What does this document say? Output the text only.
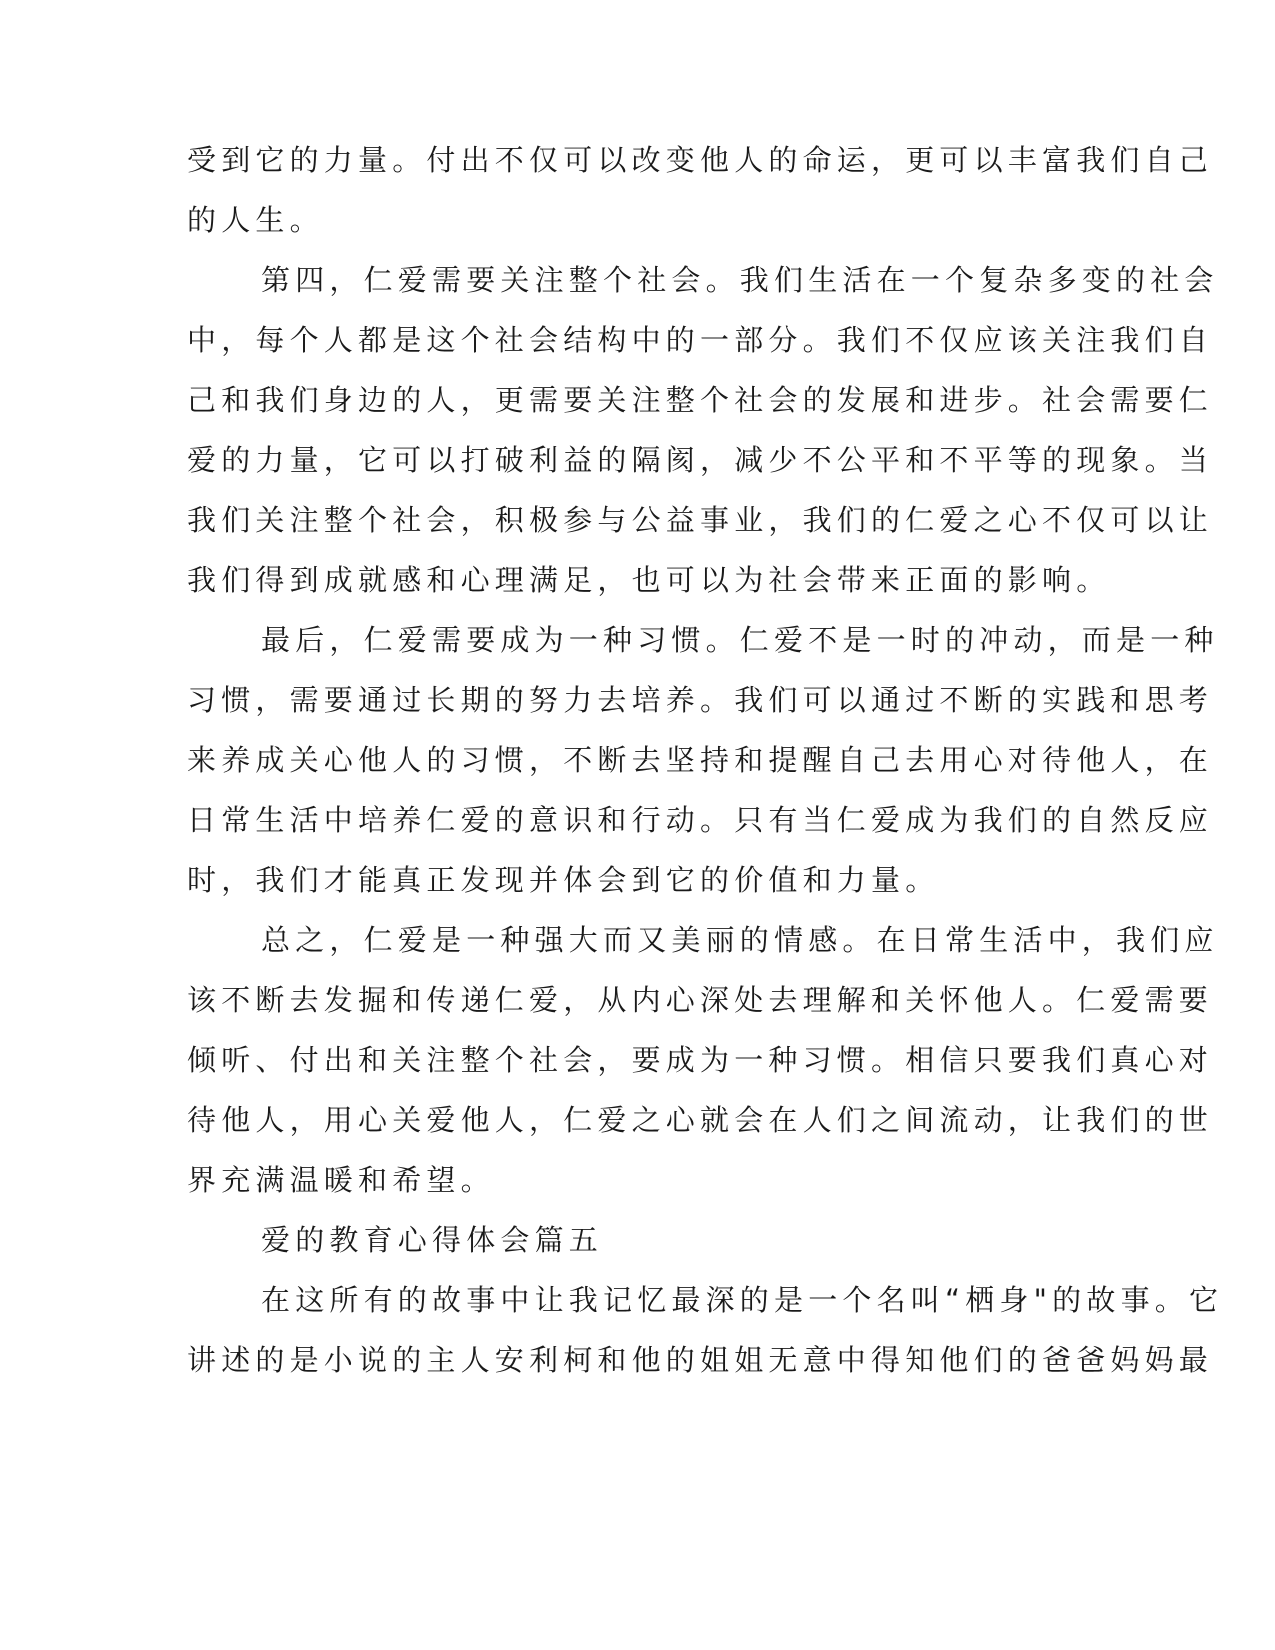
受到它的力量。付出不仅可以改变他人的命运，更可以丰富我们自己
的人生。
第四，仁爱需要关注整个社会。我们生活在一个复杂多变的社会
中，每个人都是这个社会结构中的一部分。我们不仅应该关注我们自
己和我们身边的人，更需要关注整个社会的发展和进步。社会需要仁
爱的力量，它可以打破利益的隔阂，减少不公平和不平等的现象。当
我们关注整个社会，积极参与公益事业，我们的仁爱之心不仅可以让
我们得到成就感和心理满足，也可以为社会带来正面的影响。
最后，仁爱需要成为一种习惯。仁爱不是一时的冲动，而是一种
习惯，需要通过长期的努力去培养。我们可以通过不断的实践和思考
来养成关心他人的习惯，不断去坚持和提醒自己去用心对待他人，在
日常生活中培养仁爱的意识和行动。只有当仁爱成为我们的自然反应
时，我们才能真正发现并体会到它的价值和力量。
总之，仁爱是一种强大而又美丽的情感。在日常生活中，我们应
该不断去发掘和传递仁爱，从内心深处去理解和关怀他人。仁爱需要
倾听、付出和关注整个社会，要成为一种习惯。相信只要我们真心对
待他人，用心关爱他人，仁爱之心就会在人们之间流动，让我们的世
界充满温暖和希望。
爱的教育心得体会篇五
在这所有的故事中让我记忆最深的是一个名叫“栖身"的故事。它
讲述的是小说的主人安利柯和他的姐姐无意中得知他们的爸爸妈妈最
